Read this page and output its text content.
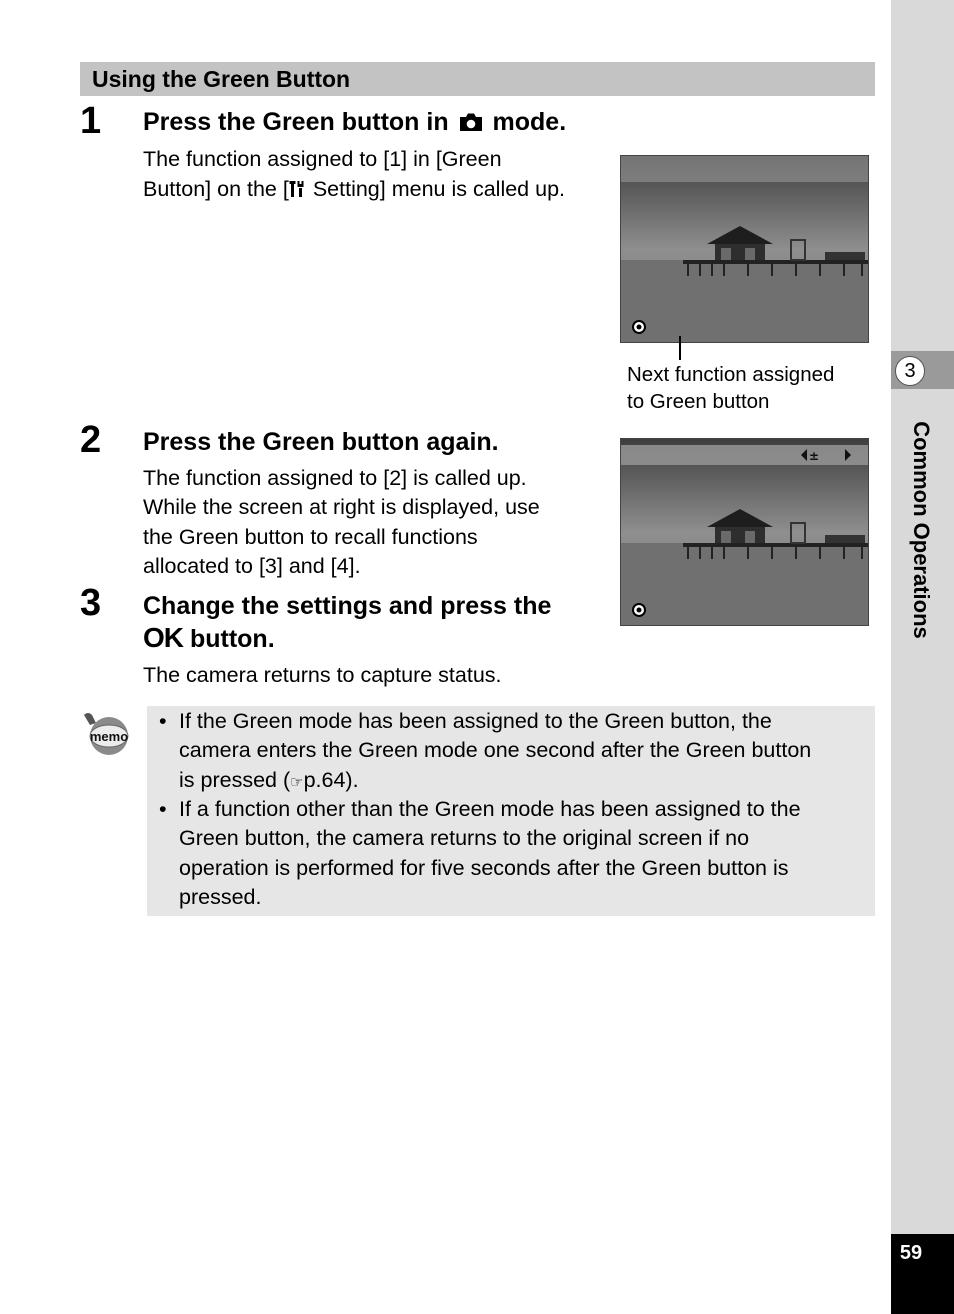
Using the Green Button
1 Press the Green button in mode.
The function assigned to [1] in [Green
Button] on the [ Setting] menu is called up.
Next function assigned
to Green button
2 Press the Green button again.
The function assigned to [2] is called up.
While the screen at right is displayed, use
the Green button to recall functions
allocated to [3] and [4].
±
3 Change the settings and press the
OK button.
The camera returns to capture status.
memo
• If the Green mode has been assigned to the Green button, the
camera enters the Green mode one second after the Green button
is pressed (☞p.64).
• If a function other than the Green mode has been assigned to the
Green button, the camera returns to the original screen if no
operation is performed for five seconds after the Green button is
pressed.
3
Common Operations
59
